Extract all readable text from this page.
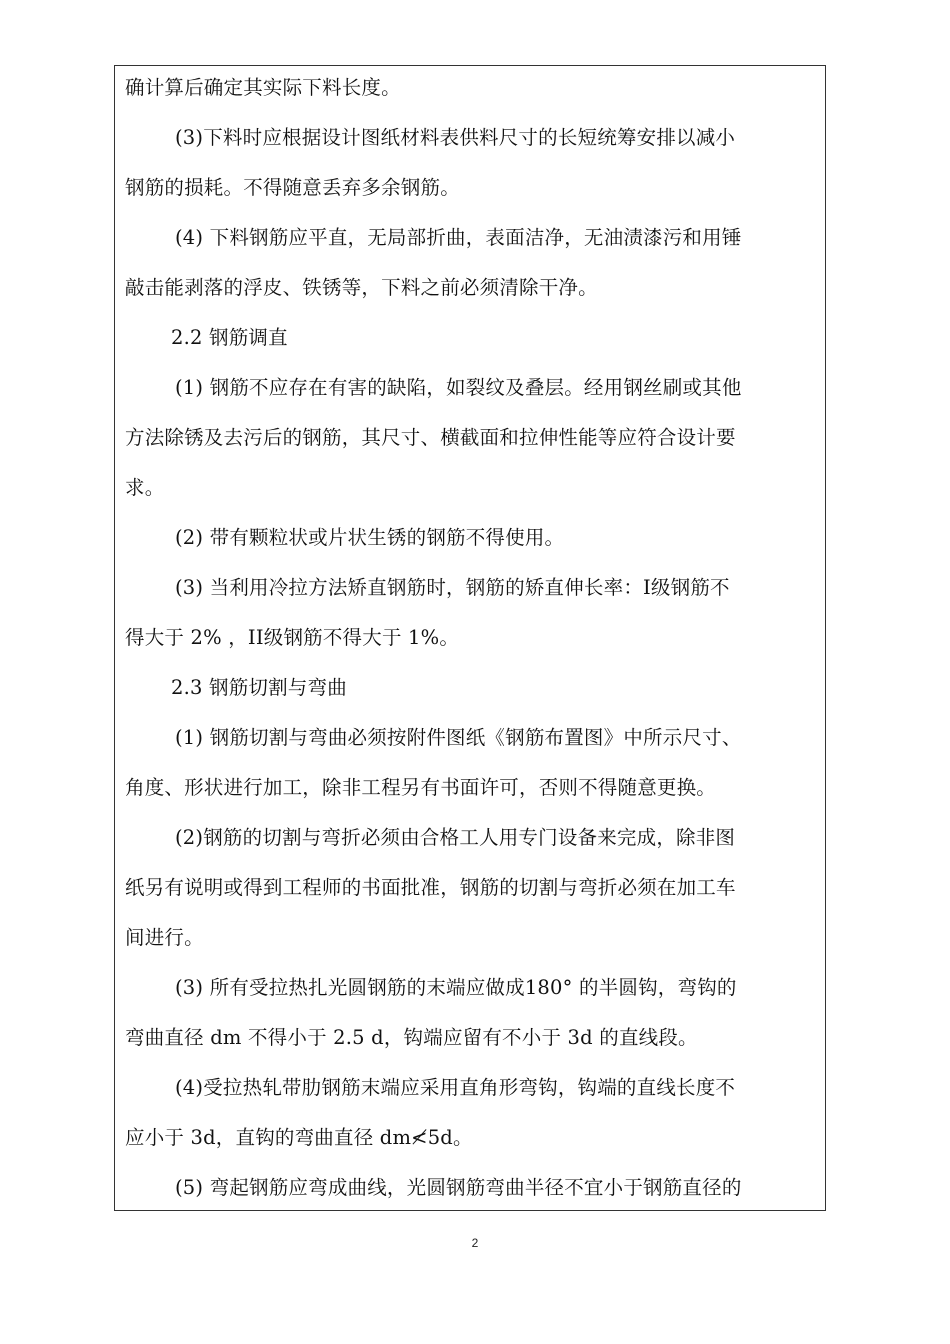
确计算后确定其实际下料长度。
(3)下料时应根据设计图纸材料表供料尺寸的长短统筹安排以减小
钢筋的损耗。不得随意丢弃多余钢筋。
(4) 下料钢筋应平直，无局部折曲，表面洁净，无油渍漆污和用锤
敲击能剥落的浮皮、铁锈等，下料之前必须清除干净。
2.2 钢筋调直
(1) 钢筋不应存在有害的缺陷，如裂纹及叠层。经用钢丝刷或其他
方法除锈及去污后的钢筋，其尺寸、横截面和拉伸性能等应符合设计要
求。
(2) 带有颗粒状或片状生锈的钢筋不得使用。
(3) 当利用冷拉方法矫直钢筋时，钢筋的矫直伸长率：I级钢筋不
得大于 2% ，II级钢筋不得大于 1%。
2.3 钢筋切割与弯曲
(1) 钢筋切割与弯曲必须按附件图纸《钢筋布置图》中所示尺寸、
角度、形状进行加工，除非工程另有书面许可，否则不得随意更换。
(2)钢筋的切割与弯折必须由合格工人用专门设备来完成，除非图
纸另有说明或得到工程师的书面批准，钢筋的切割与弯折必须在加工车
间进行。
(3) 所有受拉热扎光圆钢筋的末端应做成180° 的半圆钩，弯钩的
弯曲直径 dm 不得小于 2.5 d，钩端应留有不小于 3d 的直线段。
(4)受拉热轧带肋钢筋末端应采用直角形弯钩，钩端的直线长度不
应小于 3d，直钩的弯曲直径 dm≮5d。
(5) 弯起钢筋应弯成曲线，光圆钢筋弯曲半径不宜小于钢筋直径的
2
